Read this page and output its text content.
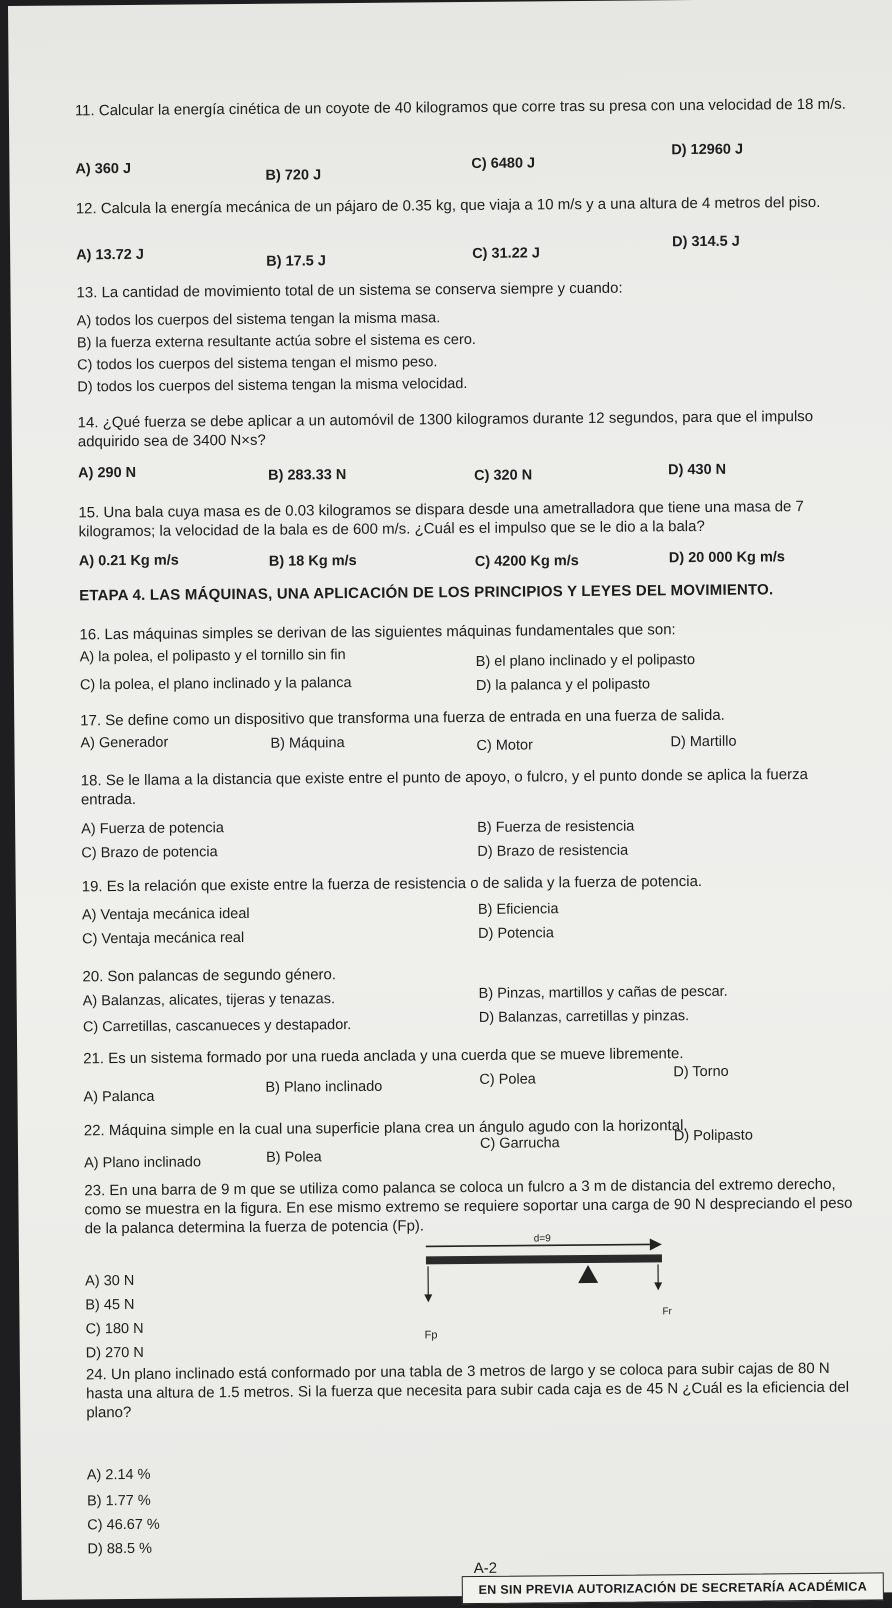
11. Calcular la energía cinética de un coyote de 40 kilogramos que corre tras su presa con una velocidad de 18 m/s.

A) 360 J	B) 720 J
C) 6480 J
D) 12960 J

12. Calcula la energía mecánica de un pájaro de 0.35 kg, que viaja a 10 m/s y a una altura de 4 metros del piso.

A) 13.72 J	B) 17.5 J	C) 31.22 J
D) 314.5 J

13. La cantidad de movimiento total de un sistema se conserva siempre y cuando:

A) todos los cuerpos del sistema tengan la misma masa.
B) la fuerza externa resultante actúa sobre el sistema es cero.
C) todos los cuerpos del sistema tengan el mismo peso.
D) todos los cuerpos del sistema tengan la misma velocidad.

14. ¿Qué fuerza se debe aplicar a un automóvil de 1300 kilogramos durante 12 segundos, para que el impulso adquirido sea de 3400 N×s?

A) 290 N	B) 283.33 N	C) 320 N	D) 430 N

15. Una bala cuya masa es de 0.03 kilogramos se dispara desde una ametralladora que tiene una masa de 7 kilogramos; la velocidad de la bala es de 600 m/s. ¿Cuál es el impulso que se le dio a la bala?

A) 0.21 Kg m/s	B) 18 Kg m/s	C) 4200 Kg m/s	D) 20 000 Kg m/s
ETAPA 4. LAS MÁQUINAS, UNA APLICACIÓN DE LOS PRINCIPIOS Y LEYES DEL MOVIMIENTO.

16. Las máquinas simples se derivan de las siguientes máquinas fundamentales que son:

A) la polea, el polipasto y el tornillo sin fin	B) el plano inclinado y el polipasto
C) la polea, el plano inclinado y la palanca	D) la palanca y el polipasto

17. Se define como un dispositivo que transforma una fuerza de entrada en una fuerza de salida.

A) Generador	B) Máquina	C) Motor	D) Martillo

18. Se le llama a la distancia que existe entre el punto de apoyo, o fulcro, y el punto donde se aplica la fuerza entrada.

A) Fuerza de potencia	B) Fuerza de resistencia
C) Brazo de potencia	D) Brazo de resistencia

19. Es la relación que existe entre la fuerza de resistencia o de salida y la fuerza de potencia.

A) Ventaja mecánica ideal	B) Eficiencia
C) Ventaja mecánica real	D) Potencia

20. Son palancas de segundo género.

A) Balanzas, alicates, tijeras y tenazas.	B) Pinzas, martillos y cañas de pescar.
C) Carretillas, cascanueces y destapador.
D) Balanzas, carretillas y pinzas.

21. Es un sistema formado por una rueda anclada y una cuerda que se mueve libremente.

A) Palanca
B) Plano inclinado	C) Polea	D) Torno

22. Máquina simple en la cual una superficie plana crea un ángulo agudo con la horizontal.

A) Plano inclinado	B) Polea
C) Garrucha	D) Polipasto

23. En una barra de 9 m que se utiliza como palanca se coloca un fulcro a 3 m de distancia del extremo derecho, como se muestra en la figura. En ese mismo extremo se requiere soportar una carga de 90 N despreciando el peso de la palanca determina la fuerza de potencia (Fp).

A) 30 N
B) 45 N
C) 180 N
D) 270 N
d=9
Fp
Fr

24. Un plano inclinado está conformado por una tabla de 3 metros de largo y se coloca para subir cajas de 80 N hasta una altura de 1.5 metros. Si la fuerza que necesita para subir cada caja es de 45 N ¿Cuál es la eficiencia del plano?

A) 2.14 %
B) 1.77 %
C) 46.67 %
D) 88.5 %
A-2
EN SIN PREVIA AUTORIZACIÓN DE SECRETARÍA ACADÉMICA
